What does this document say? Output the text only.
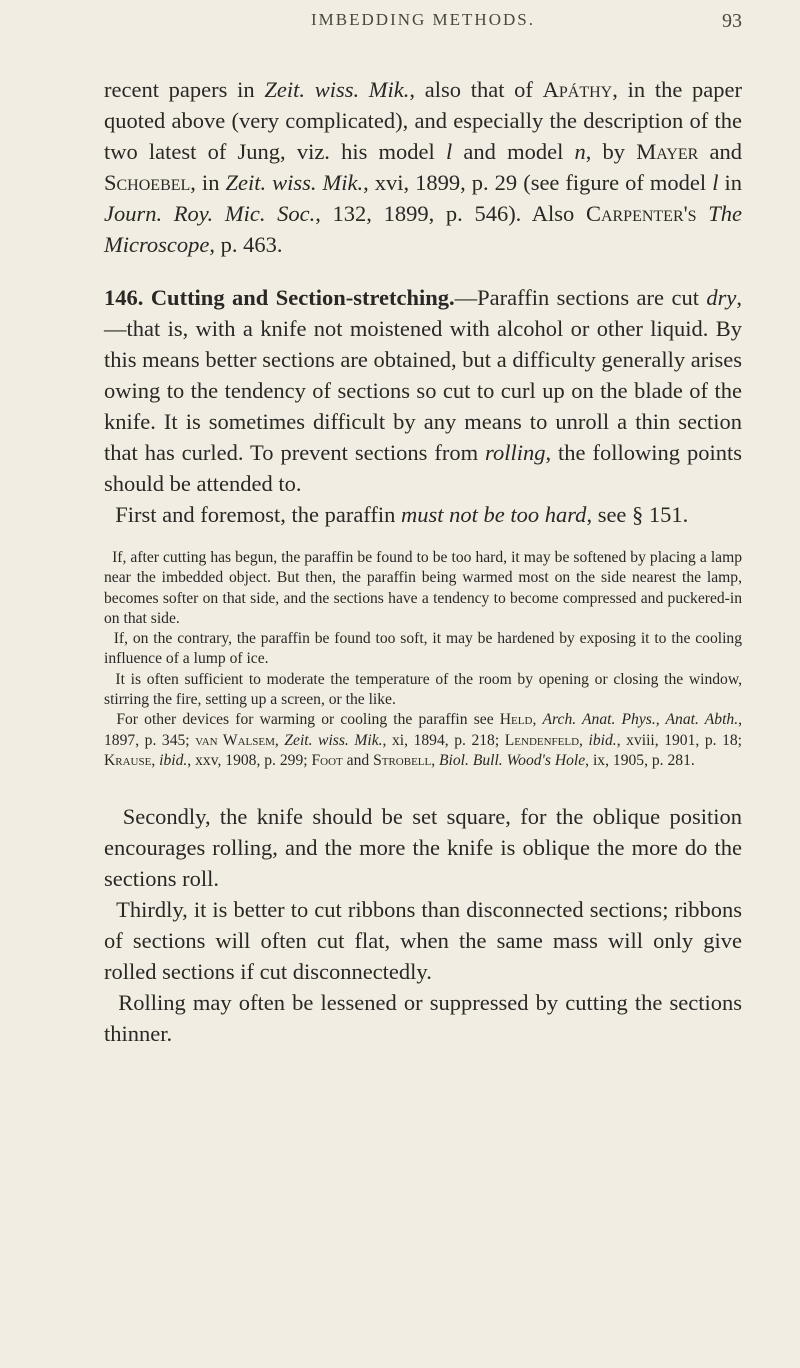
IMBEDDING METHODS.	93

recent papers in Zeit. wiss. Mik., also that of Apáthy, in the paper quoted above (very complicated), and especially the description of the two latest of Jung, viz. his model l and model n, by Mayer and Schoebel, in Zeit. wiss. Mik., xvi, 1899, p. 29 (see figure of model l in Journ. Roy. Mic. Soc., 132, 1899, p. 546). Also Carpenter's The Microscope, p. 463.

146. Cutting and Section-stretching.—Paraffin sections are cut dry,—that is, with a knife not moistened with alcohol or other liquid. By this means better sections are obtained, but a difficulty generally arises owing to the tendency of sections so cut to curl up on the blade of the knife. It is sometimes difficult by any means to unroll a thin section that has curled. To prevent sections from rolling, the following points should be attended to.

First and foremost, the paraffin must not be too hard, see § 151.

If, after cutting has begun, the paraffin be found to be too hard, it may be softened by placing a lamp near the imbedded object. But then, the paraffin being warmed most on the side nearest the lamp, becomes softer on that side, and the sections have a tendency to become compressed and puckered-in on that side.

If, on the contrary, the paraffin be found too soft, it may be hardened by exposing it to the cooling influence of a lump of ice.

It is often sufficient to moderate the temperature of the room by opening or closing the window, stirring the fire, setting up a screen, or the like.

For other devices for warming or cooling the paraffin see Held, Arch. Anat. Phys., Anat. Abth., 1897, p. 345; van Walsem, Zeit. wiss. Mik., xi, 1894, p. 218; Lendenfeld, ibid., xviii, 1901, p. 18; Krause, ibid., xxv, 1908, p. 299; Foot and Strobell, Biol. Bull. Wood's Hole, ix, 1905, p. 281.

Secondly, the knife should be set square, for the oblique position encourages rolling, and the more the knife is oblique the more do the sections roll.

Thirdly, it is better to cut ribbons than disconnected sections; ribbons of sections will often cut flat, when the same mass will only give rolled sections if cut disconnectedly.

Rolling may often be lessened or suppressed by cutting the sections thinner.
